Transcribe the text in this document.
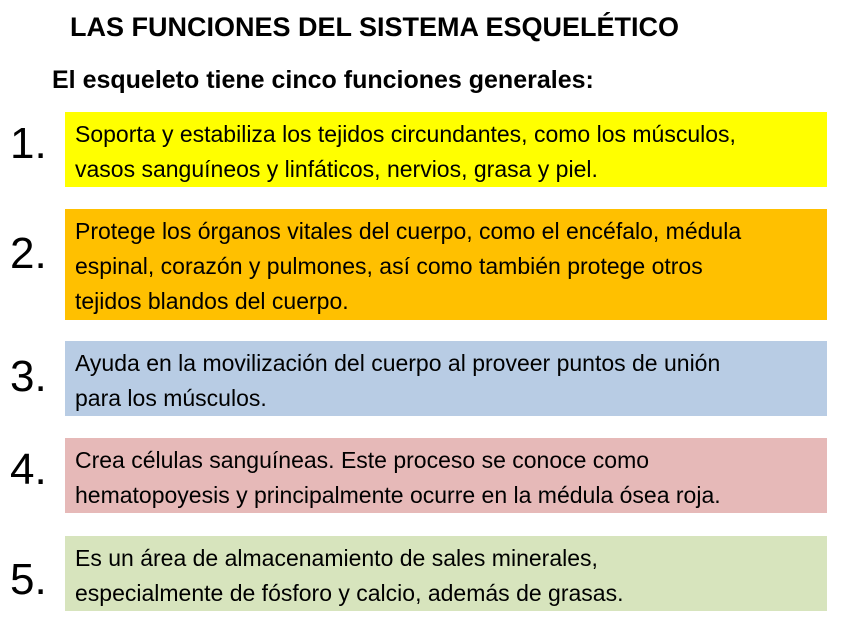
LAS FUNCIONES DEL SISTEMA ESQUELÉTICO
El esqueleto tiene cinco funciones generales:
1. Soporta y estabiliza los tejidos circundantes, como los músculos,
vasos sanguíneos y linfáticos, nervios, grasa y piel.
2. Protege los órganos vitales del cuerpo, como el encéfalo, médula
espinal, corazón y pulmones, así como también protege otros
tejidos blandos del cuerpo.
3. Ayuda en la movilización del cuerpo al proveer puntos de unión
para los músculos.
4. Crea células sanguíneas. Este proceso se conoce como
hematopoyesis y principalmente ocurre en la médula ósea roja.
5. Es un área de almacenamiento de sales minerales,
especialmente de fósforo y calcio, además de grasas.
